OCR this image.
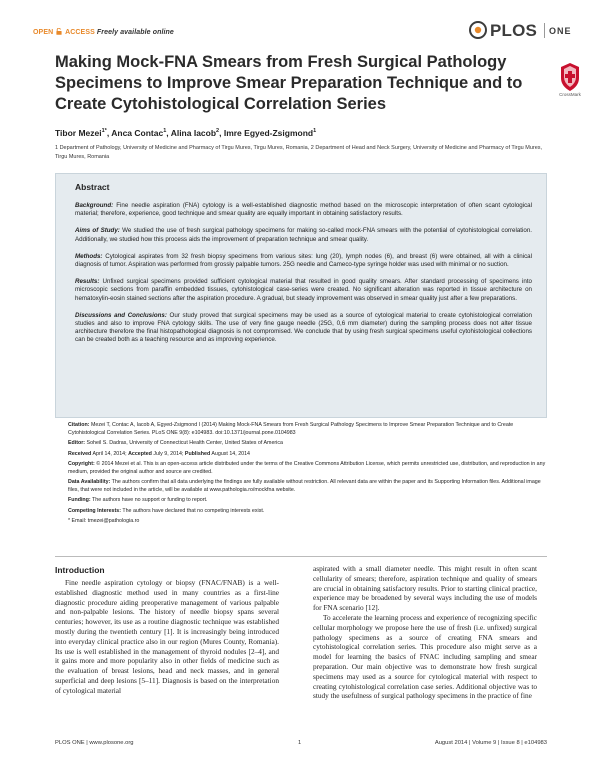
OPEN ACCESS Freely available online	PLOS ONE
CrossMark
Making Mock-FNA Smears from Fresh Surgical Pathology Specimens to Improve Smear Preparation Technique and to Create Cytohistological Correlation Series
Tibor Mezei$^{1*}$, Anca Contac$^1$, Alina Iacob$^2$, Imre Egyed-Zsigmond$^1$
1 Department of Pathology, University of Medicine and Pharmacy of Tirgu Mures, Tirgu Mures, Romania, 2 Department of Head and Neck Surgery, University of Medicine and Pharmacy of Tirgu Mures, Tirgu Mures, Romania
Abstract

Background: Fine needle aspiration (FNA) cytology is a well-established diagnostic method based on the microscopic interpretation of often scant cytological material; therefore, experience, good technique and smear quality are equally important in obtaining satisfactory results.

Aims of Study: We studied the use of fresh surgical pathology specimens for making so-called mock-FNA smears with the potential of cytohistological correlation. Additionally, we studied how this process aids the improvement of preparation technique and smear quality.

Methods: Cytological aspirates from 32 fresh biopsy specimens from various sites: lung (20), lymph nodes (6), and breast (6) were obtained, all with a clinical diagnosis of tumor. Aspiration was performed from grossly palpable tumors. 25G needle and Cameco-type syringe holder was used with minimal or no suction.

Results: Unfixed surgical specimens provided sufficient cytological material that resulted in good quality smears. After standard processing of specimens into microscopic sections from paraffin embedded tissues, cytohistological case-series were created. No significant alteration was reported in tissue architecture on hematoxylin-eosin stained sections after the aspiration procedure. A gradual, but steady improvement was observed in smear quality just after a few preparations.

Discussions and Conclusions: Our study proved that surgical specimens may be used as a source of cytological material to create cytohistological correlation studies and also to improve FNA cytology skills. The use of very fine gauge needle (25G, 0,6 mm diameter) during the sampling process does not alter tissue architecture therefore the final histopathological diagnosis is not compromised. We conclude that by using fresh surgical specimens useful cytohistological collections can be created both as a teaching resource and as improving experience.

Citation: Mezei T, Contac A, Iacob A, Egyed-Zsigmond I (2014) Making Mock-FNA Smears from Fresh Surgical Pathology Specimens to Improve Smear Preparation Technique and to Create Cytohistological Correlation Series. PLoS ONE 9(8): e104983. doi:10.1371/journal.pone.0104983

Editor: Soheil S. Dadras, University of Connecticut Health Center, United States of America

Received April 14, 2014; Accepted July 9, 2014; Published August 14, 2014

Copyright: © 2014 Mezei et al. This is an open-access article distributed under the terms of the Creative Commons Attribution License, which permits unrestricted use, distribution, and reproduction in any medium, provided the original author and source are credited.

Data Availability: The authors confirm that all data underlying the findings are fully available without restriction. All relevant data are within the paper and its Supporting Information files. Additional image files, that were not included in the article, will be available at www.pathologia.ro/mockfna website.

Funding: The authors have no support or funding to report.

Competing Interests: The authors have declared that no competing interests exist.

* Email: tmezei@pathologia.ro

Introduction

Fine needle aspiration cytology or biopsy (FNAC/FNAB) is a well-established diagnostic method used in many countries as a first-line diagnostic procedure aiding preoperative management of various palpable and non-palpable lesions. The history of needle biopsy spans several centuries; however, its use as a routine diagnostic technique was established mostly during the twentieth century [1]. It is increasingly being introduced into everyday clinical practice also in our region (Mures County, Romania). Its use is well established in the management of thyroid nodules [2–4], and it gains more and more popularity also in other fields of medicine such as the evaluation of breast lesions, head and neck masses, and in general superficial and deep lesions [5–11]. Diagnosis is based on the interpretation of cytological material

aspirated with a small diameter needle. This might result in often scant cellularity of smears; therefore, aspiration technique and quality of smears are crucial in obtaining satisfactory results. Prior to starting clinical practice, experience may be broadened by several ways including the use of models for FNA scenario [12].

To accelerate the learning process and experience of recognizing specific cellular morphology we propose here the use of fresh (i.e. unfixed) surgical pathology specimens as a source of creating FNA smears and cytohistological correlation series. This procedure also might serve as a model for learning the basics of FNAC including sampling and smear preparation. Our main objective was to demonstrate how fresh surgical specimens may used as a source for cytological material with respect to creating cytohistological correlation case series. Additional objective was to study the usefulness of surgical pathology specimens in the practice of fine

PLOS ONE | www.plosone.org	1	August 2014 | Volume 9 | Issue 8 | e104983
